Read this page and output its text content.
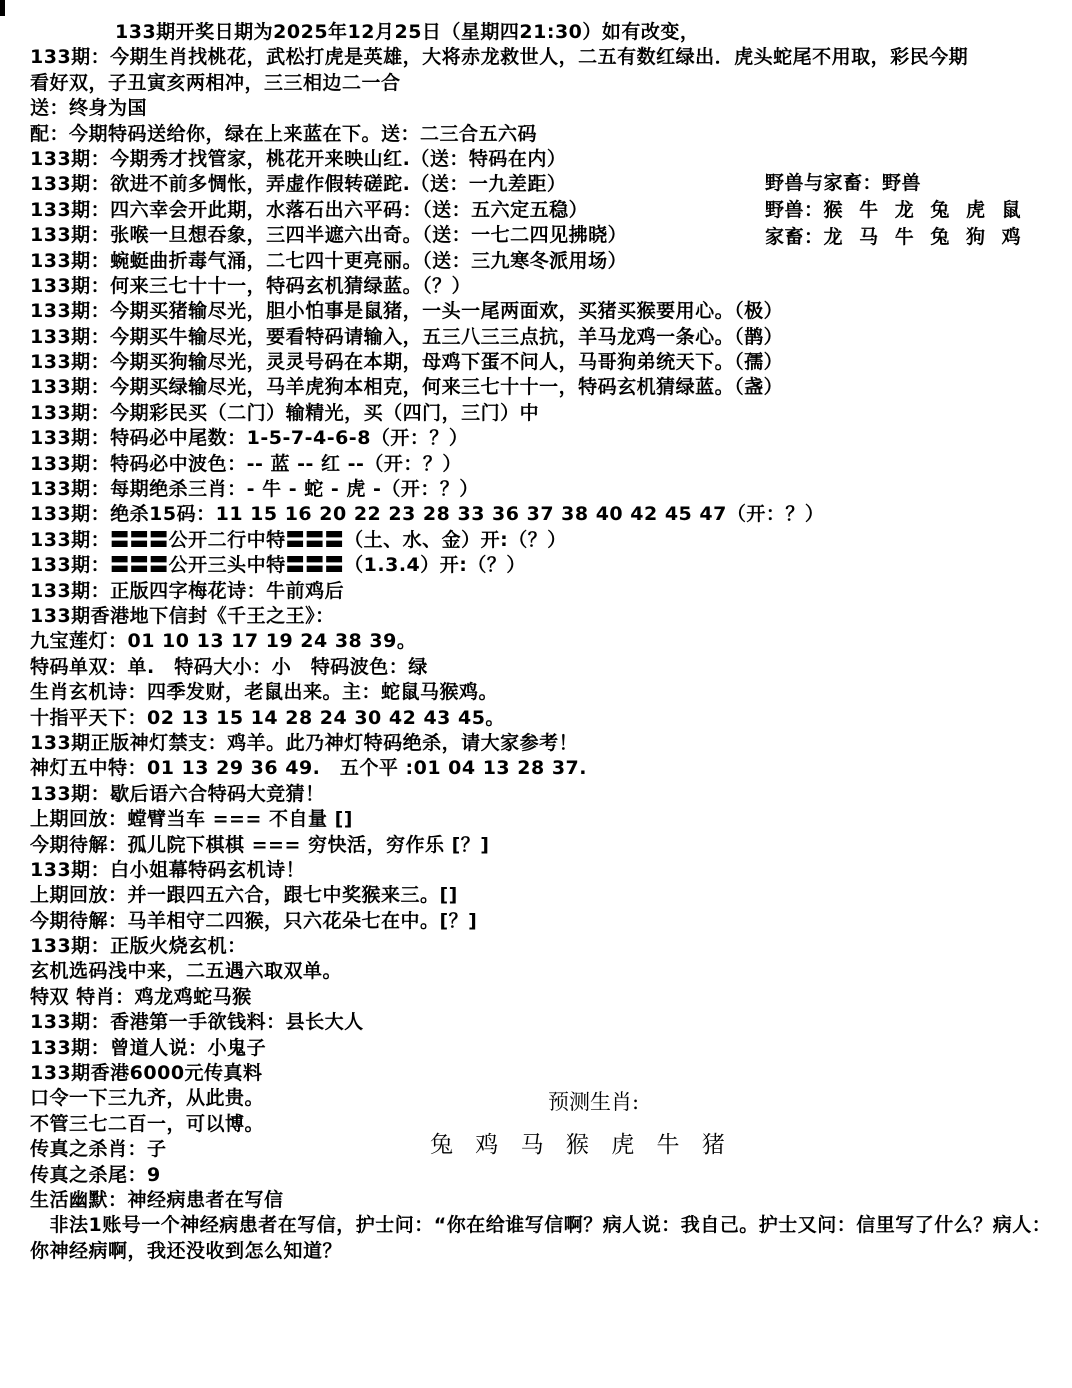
133期开奖日期为2025年12月25日（星期四21:30）如有改变，
133期：今期生肖找桃花，武松打虎是英雄，大将赤龙救世人，二五有数红绿出．虎头蛇尾不用取，彩民今期
看好双，子丑寅亥两相冲，三三相边二一合
送：终身为国
配：今期特码送给你，绿在上来蓝在下。送：二三合五六码
133期：今期秀才找管家，桃花开来映山红.（送：特码在内）
133期：欲进不前多惆怅，弄虚作假转磋跎.（送：一九差距）
133期：四六幸会开此期，水落石出六平码：（送：五六定五稳）
133期：张喉一旦想吞象，三四半遮六出奇。（送：一七二四见拂晓）
133期：蜿蜓曲折毒气涌，二七四十更亮丽。（送：三九寒冬派用场）
133期：何来三七十十一，特码玄机猜绿蓝。（？）
133期：今期买猪输尽光，胆小怕事是鼠猪，一头一尾两面欢，买猪买猴要用心。（极）
133期：今期买牛输尽光，要看特码请输入，五三八三三点抗，羊马龙鸡一条心。（鹊）
133期：今期买狗输尽光，灵灵号码在本期，母鸡下蛋不问人，马哥狗弟统天下。（孺）
133期：今期买绿输尽光，马羊虎狗本相克，何来三七十十一，特码玄机猜绿蓝。（盏）
133期：今期彩民买（二门）输精光，买（四门，三门）中
133期：特码必中尾数：1-5-7-4-6-8（开：？）
133期：特码必中波色：-- 蓝 -- 红 --（开：？）
133期：每期绝杀三肖：- 牛 - 蛇 - 虎 -（开：？）
133期：绝杀15码：11 15 16 20 22 23 28 33 36 37 38 40 42 45 47（开：？）
133期：〓〓〓公开二行中特〓〓〓（土、水、金）开:（？）
133期：〓〓〓公开三头中特〓〓〓（1.3.4）开:（？）
133期：正版四字梅花诗：牛前鸡后
133期香港地下信封《千王之王》：
九宝莲灯：01 10 13 17 19 24 38 39。
特码单双：单.　特码大小：小　特码波色：绿
生肖玄机诗：四季发财，老鼠出来。主：蛇鼠马猴鸡。
十指平天下：02 13 15 14 28 24 30 42 43 45。
133期正版神灯禁支：鸡羊。此乃神灯特码绝杀，请大家参考！
神灯五中特：01 13 29 36 49.　五个平 :01 04 13 28 37.
133期：歇后语六合特码大竞猜！
上期回放：螳臂当车 === 不自量 []
今期待解：孤儿院下棋棋 === 穷快活，穷作乐 [？]
133期：白小姐幕特码玄机诗！
上期回放：并一跟四五六合，跟七中奖猴来三。[]
今期待解：马羊相守二四猴，只六花朵七在中。[？]
133期：正版火烧玄机：
玄机选码浅中来，二五遇六取双单。
特双 特肖：鸡龙鸡蛇马猴
133期：香港第一手欲钱料：县长大人
133期：曾道人说：小鬼子
133期香港6000元传真料
口令一下三九齐，从此贵。
不管三七二百一，可以博。
传真之杀肖：子
传真之杀尾：9
生活幽默：神经病患者在写信
　非法1账号一个神经病患者在写信，护士问：“你在给谁写信啊？病人说：我自己。护士又问：信里写了什么？病人：
你神经病啊，我还没收到怎么知道？
野兽与家畜：野兽
野兽：猴 牛 龙 兔 虎 鼠
家畜：龙 马 牛 兔 狗 鸡
预测生肖:
兔 鸡 马 猴 虎 牛 猪
